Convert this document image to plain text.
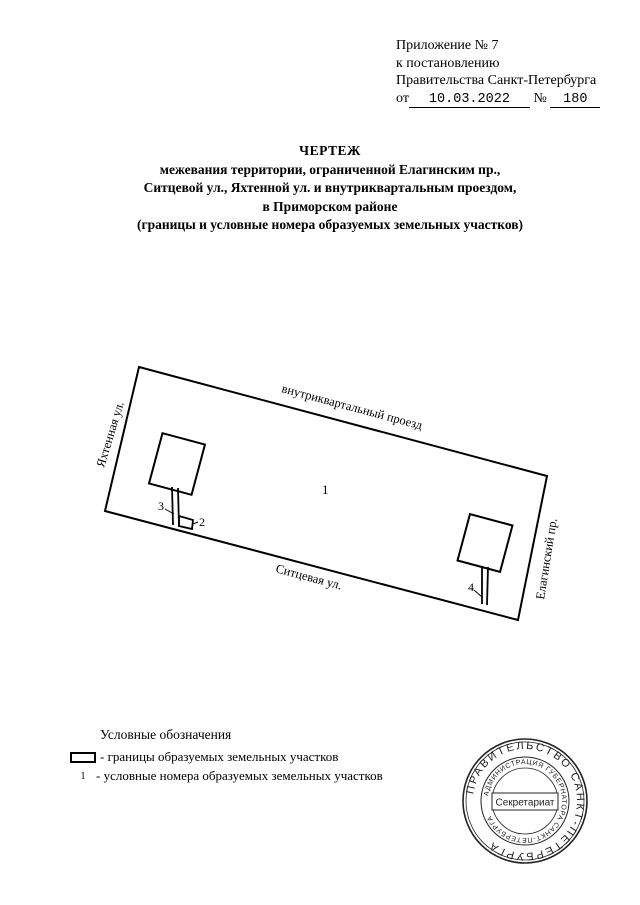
Приложение № 7
к постановлению
Правительства Санкт-Петербурга
от 10.03.2022 № 180
ЧЕРТЕЖ
межевания территории, ограниченной Елагинским пр.,
Ситцевой ул., Яхтенной ул. и внутриквартальным проездом,
в Приморском районе
(границы и условные номера образуемых земельных участков)
внутриквартальный проезд
Яхтенная ул.
Елагинский пр.
Ситцевая ул.
1
2
3
4
ПРАВИТЕЛЬСТВО САНКТ-ПЕТЕРБУРГА
АДМИНИСТРАЦИЯ ГУБЕРНАТОРА САНКТ-ПЕТЕРБУРГА
Секретариат
Условные обозначения
- границы образуемых земельных участков
1 - условные номера образуемых земельных участков
